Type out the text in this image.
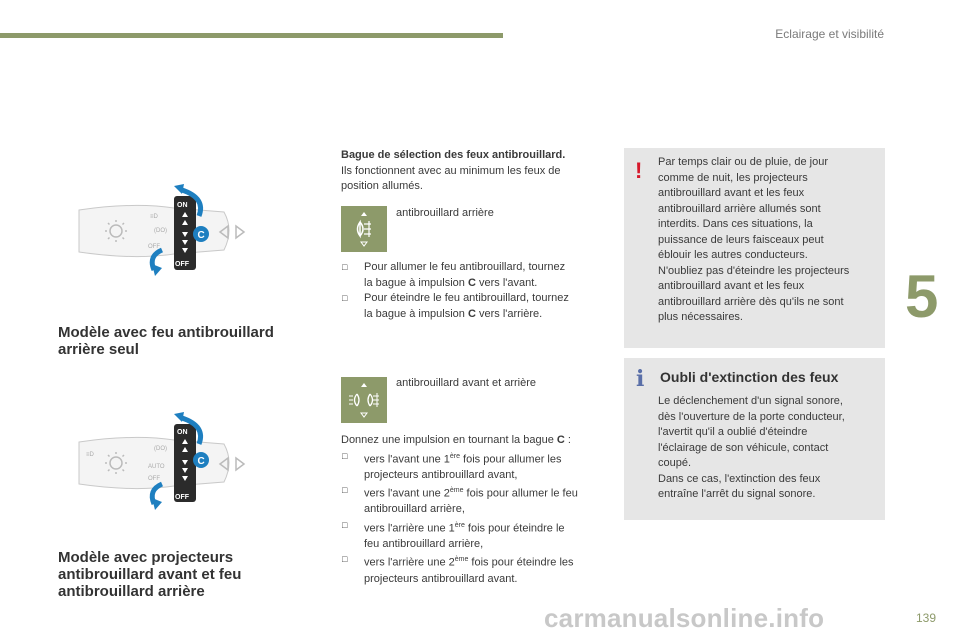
Eclairage et visibilité
5
≡D
(DO)
OFF
ON
OFF
C
Modèle avec feu antibrouillard
arrière seul
≡D
(DO)
AUTO
OFF
ON
OFF
C
Modèle avec projecteurs
antibrouillard avant et feu
antibrouillard arrière
Bague de sélection des feux antibrouillard.
Ils fonctionnent avec au minimum les feux de
position allumés.
antibrouillard arrière
□ Pour allumer le feu antibrouillard, tournez
la bague à impulsion C vers l'avant.
□ Pour éteindre le feu antibrouillard, tournez
la bague à impulsion C vers l'arrière.
antibrouillard avant et arrière
Donnez une impulsion en tournant la bague C :
□ vers l'avant une 1ère fois pour allumer les
projecteurs antibrouillard avant,
□ vers l'avant une 2ème fois pour allumer le feu
antibrouillard arrière,
□ vers l'arrière une 1ère fois pour éteindre le
feu antibrouillard arrière,
□ vers l'arrière une 2ème fois pour éteindre les
projecteurs antibrouillard avant.
! Par temps clair ou de pluie, de jour
comme de nuit, les projecteurs
antibrouillard avant et les feux
antibrouillard arrière allumés sont
interdits. Dans ces situations, la
puissance de leurs faisceaux peut
éblouir les autres conducteurs.
N'oubliez pas d'éteindre les projecteurs
antibrouillard avant et les feux
antibrouillard arrière dès qu'ils ne sont
plus nécessaires.
i Oubli d'extinction des feux
Le déclenchement d'un signal sonore,
dès l'ouverture de la porte conducteur,
l'avertit qu'il a oublié d'éteindre
l'éclairage de son véhicule, contact
coupé.
Dans ce cas, l'extinction des feux
entraîne l'arrêt du signal sonore.
carmanualsonline.info	139
